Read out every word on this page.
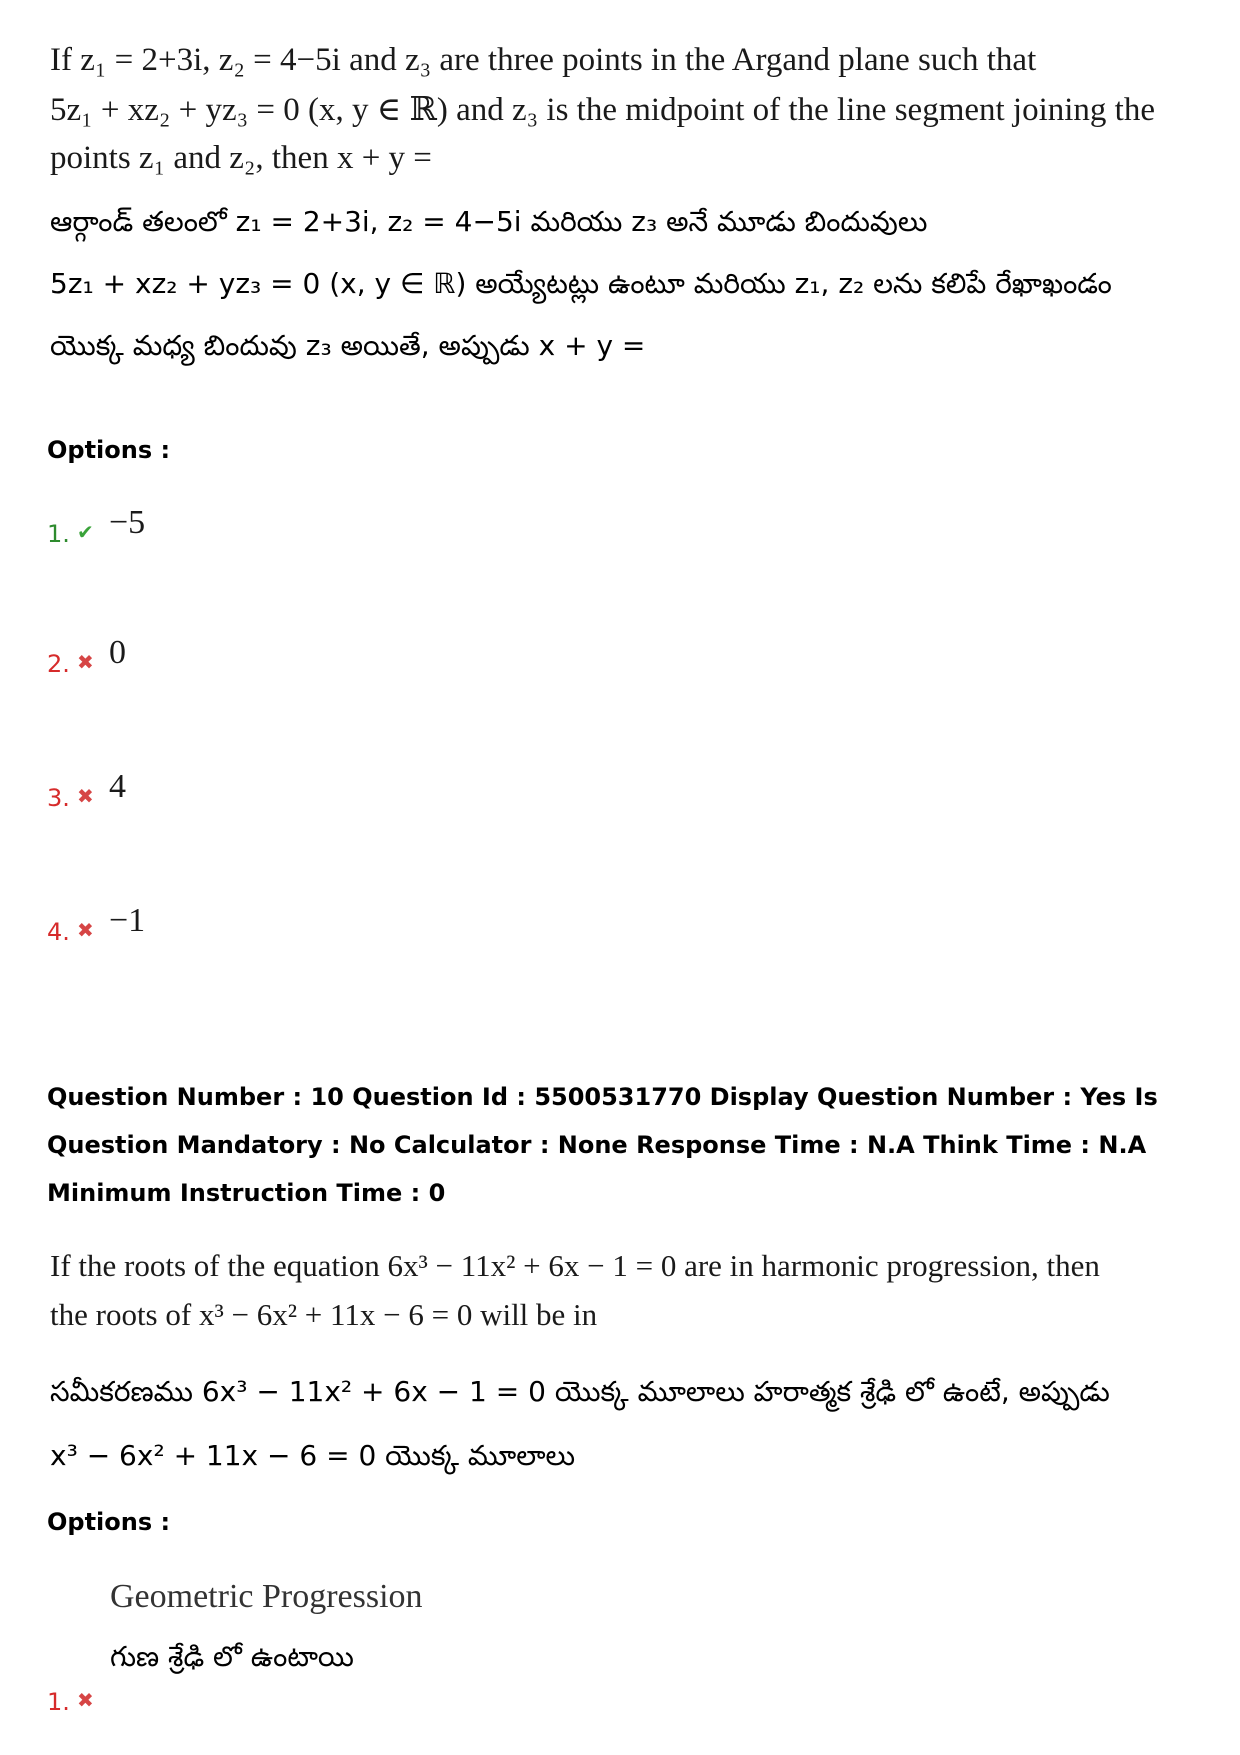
If z₁ = 2+3i, z₂ = 4−5i and z₃ are three points in the Argand plane such that
5z₁ + xz₂ + yz₃ = 0 (x, y ∈ ℝ) and z₃ is the midpoint of the line segment joining the
points z₁ and z₂, then x + y =
ఆర్గాండ్ తలంలో z₁ = 2+3i, z₂ = 4−5i మరియు z₃ అనే మూడు బిందువులు
5z₁ + xz₂ + yz₃ = 0 (x, y ∈ ℝ) అయ్యేటట్లు ఉంటూ మరియు z₁, z₂ లను కలిపే రేఖాఖండం
యొక్క మధ్య బిందువు z₃ అయితే, అప్పుడు x + y =
Options :
1. ✔ −5
2. ✖ 0
3. ✖ 4
4. ✖ −1
Question Number : 10 Question Id : 5500531770 Display Question Number : Yes Is Question Mandatory : No Calculator : None Response Time : N.A Think Time : N.A Minimum Instruction Time : 0
If the roots of the equation 6x³ − 11x² + 6x − 1 = 0 are in harmonic progression, then
the roots of x³ − 6x² + 11x − 6 = 0 will be in
సమీకరణము 6x³ − 11x² + 6x − 1 = 0 యొక్క మూలాలు హరాత్మక శ్రేఢి లో ఉంటే, అప్పుడు
x³ − 6x² + 11x − 6 = 0 యొక్క మూలాలు
Options :
Geometric Progression
గుణ శ్రేఢి లో ఉంటాయి
1. ✖
